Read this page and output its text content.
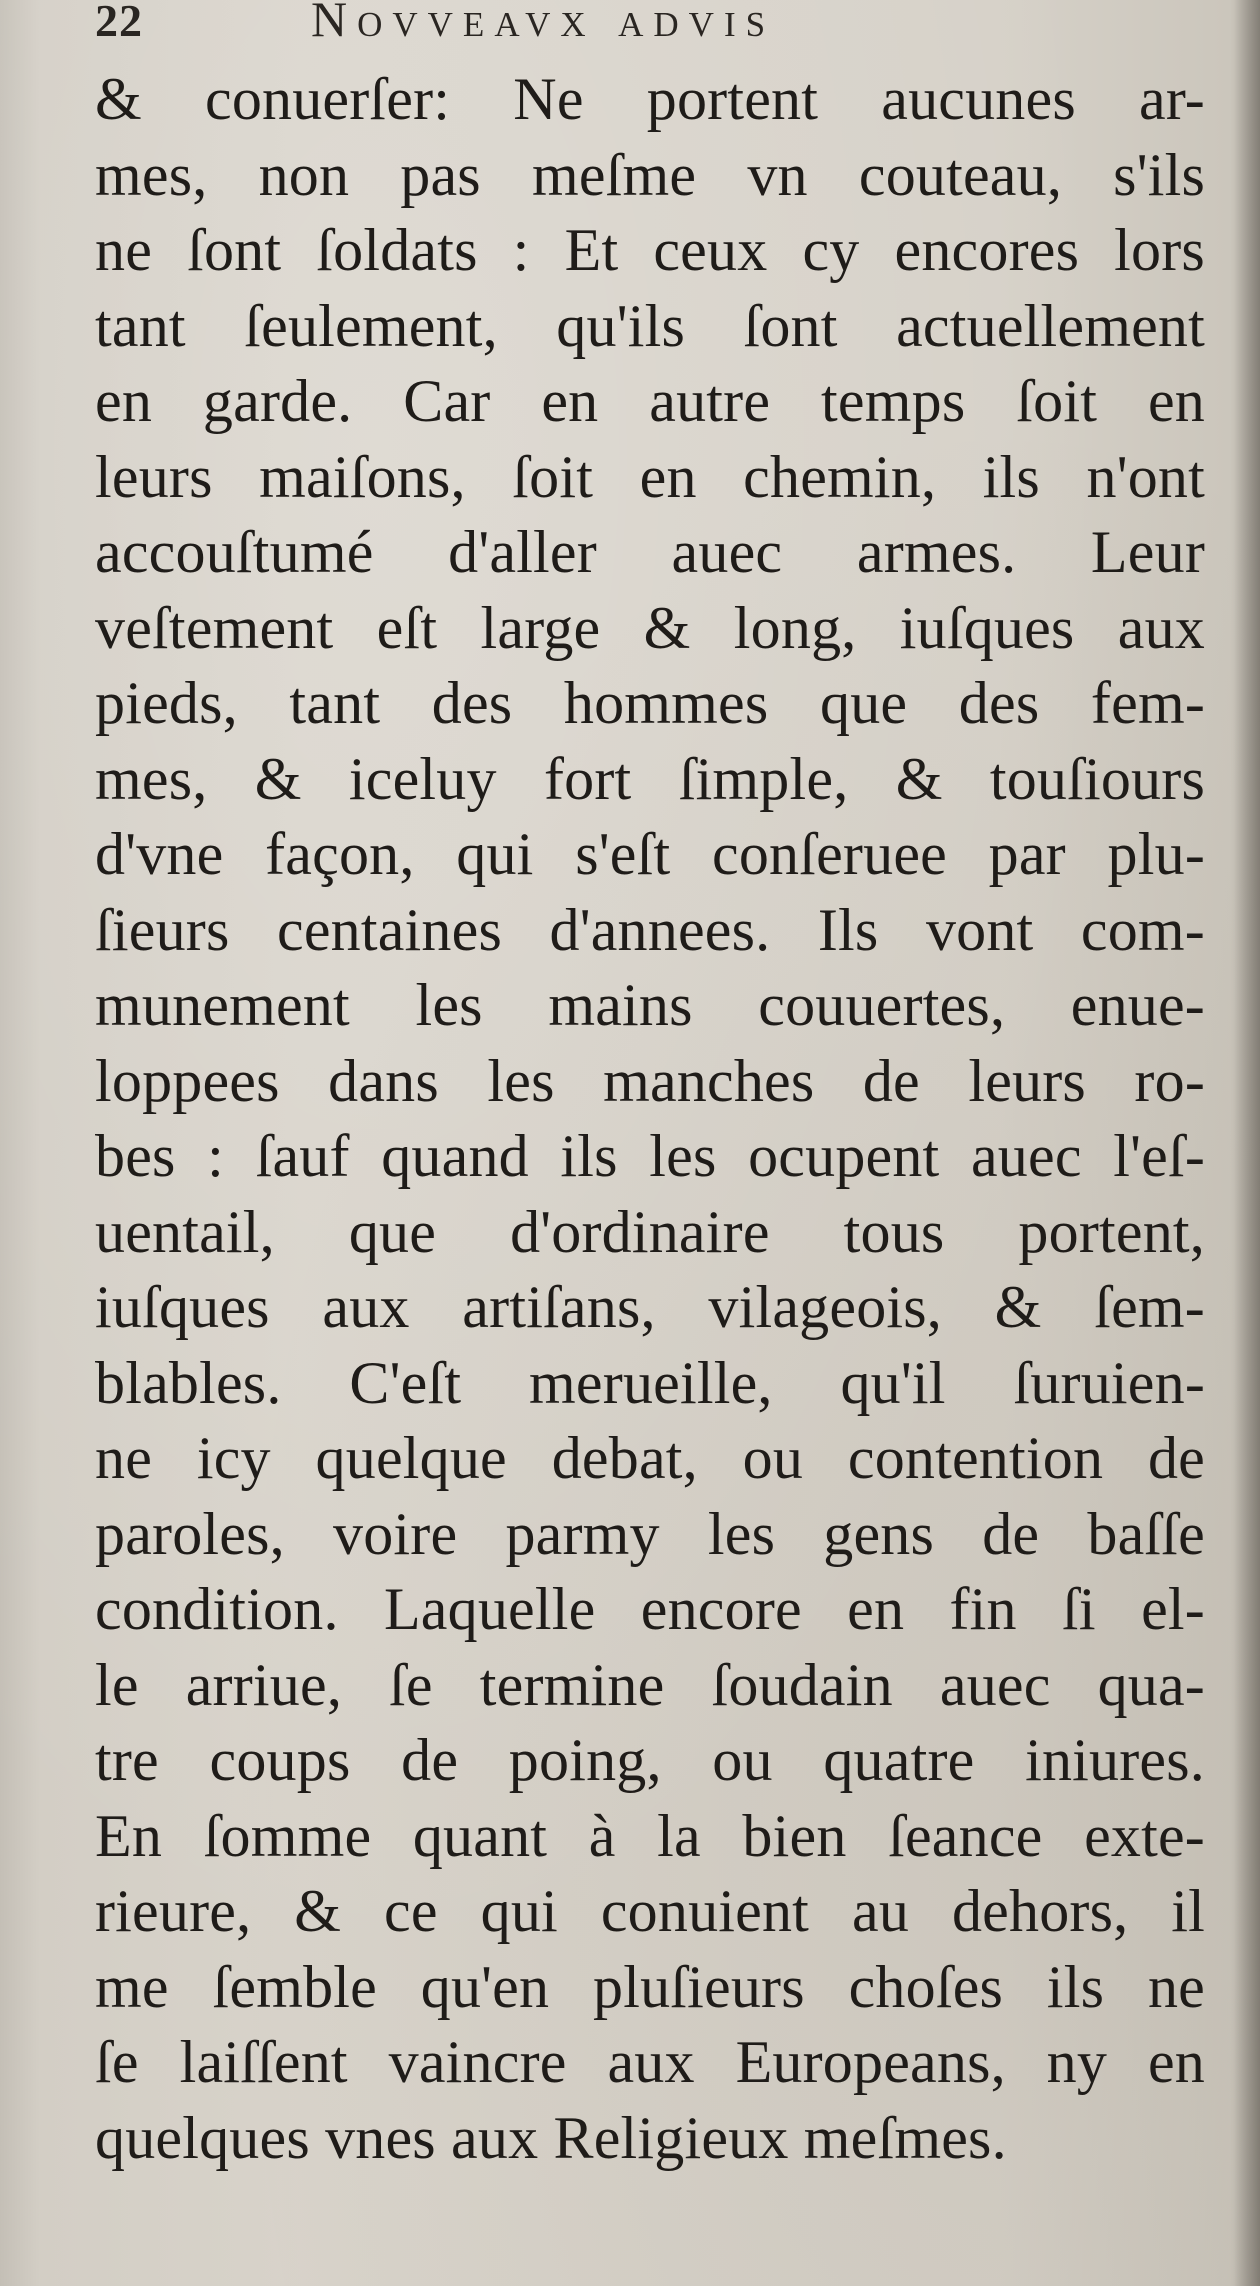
22	Novveavx advis
& conuerſer: Ne portent aucunes ar-
mes, non pas meſme vn couteau, s'ils
ne ſont ſoldats : Et ceux cy encores lors
tant ſeulement, qu'ils ſont actuellement
en garde. Car en autre temps ſoit en
leurs maiſons, ſoit en chemin, ils n'ont
accouſtumé d'aller auec armes. Leur
veſtement eſt large & long, iuſques aux
pieds, tant des hommes que des fem-
mes, & iceluy fort ſimple, & touſiours
d'vne façon, qui s'eſt conſeruee par plu-
ſieurs centaines d'annees. Ils vont com-
munement les mains couuertes, enue-
loppees dans les manches de leurs ro-
bes : ſauf quand ils les ocupent auec l'eſ-
uentail, que d'ordinaire tous portent,
iuſques aux artiſans, vilageois, & ſem-
blables. C'eſt merueille, qu'il ſuruien-
ne icy quelque debat, ou contention de
paroles, voire parmy les gens de baſſe
condition. Laquelle encore en fin ſi el-
le arriue, ſe termine ſoudain auec qua-
tre coups de poing, ou quatre iniures.
En ſomme quant à la bien ſeance exte-
rieure, & ce qui conuient au dehors, il
me ſemble qu'en pluſieurs choſes ils ne
ſe laiſſent vaincre aux Europeans, ny en
quelques vnes aux Religieux meſmes.
